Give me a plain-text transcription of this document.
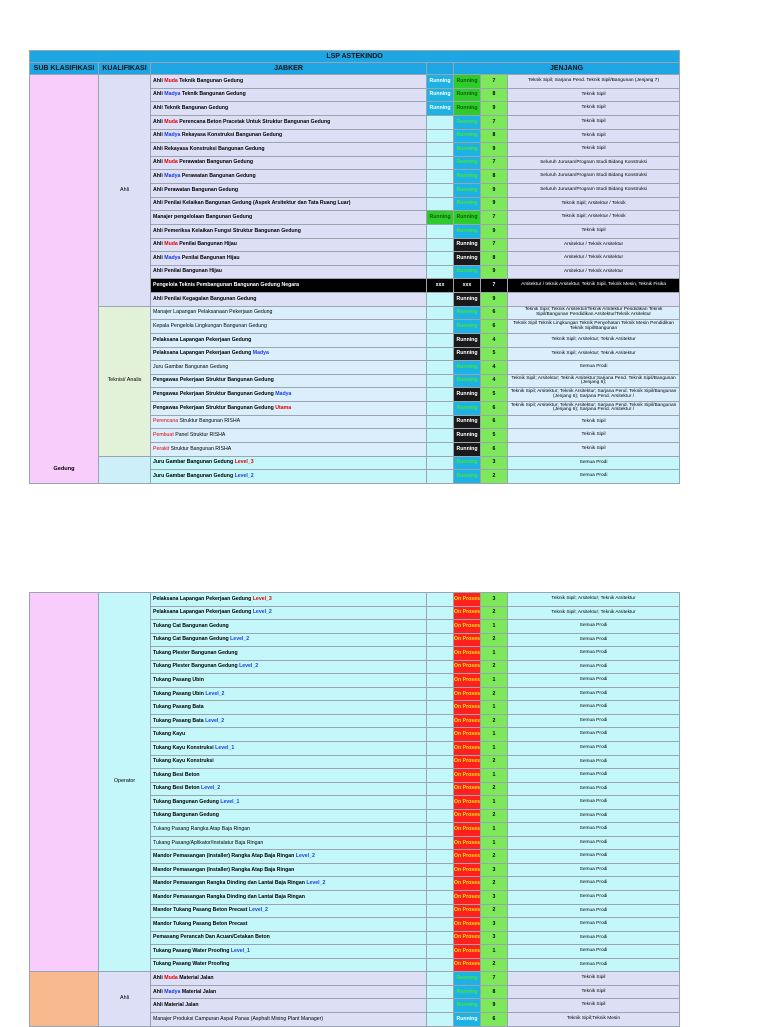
LSP ASTEKINDO						
SUB KLASIFIKASI	KUALIFIKASI	JABKER		JENJANG		

Gedung	Ahli	Ahli Muda Teknik Bangunan Gedung	Running	Running	7	Teknik Sipil; Sarjana Pend. Teknik Sipil/Bangunan (Jenjang 7)
		Ahli Madya Teknik Bangunan Gedung	Running	Running	8	Teknik Sipil
		Ahli Teknik Bangunan Gedung	Running	Running	9	Teknik Sipil
		Ahli Muda Perencana Beton Pracetak Untuk Struktur Bangunan Gedung		Running	7	Teknik Sipil
		Ahli Madya Rekayasa Konstruksi Bangunan Gedung		Running	8	Teknik Sipil
		Ahli Rekayasa Konstruksi Bangunan Gedung		Running	9	Teknik Sipil
		Ahli Muda Perawatan Bangunan Gedung		Running	7	Seluruh Jurusan/Program Studi Bidang Konstruksi
		Ahli Madya Perawatan Bangunan Gedung		Running	8	Seluruh Jurusan/Program Studi Bidang Konstruksi
		Ahli Perawatan Bangunan Gedung		Running	9	Seluruh Jurusan/Program Studi Bidang Konstruksi
		Ahli Penilai Kelaikan Bangunan Gedung (Aspek Arsitektur dan Tata Ruang Luar)		Running	9	Teknik Sipil; Arsitektur / Teknik
		Manajer pengelolaan Bangunan Gedung	Running	Running	7	Teknik Sipil; Arsitektur / Teknik
		Ahli Pemeriksa Kelaikan Fungsi Struktur Bangunan Gedung		Running	9	Teknik Sipil
		Ahli Muda Penilai Bangunan Hijau		Running	7	Arsitektur / Teknik Arsitektur
		Ahli Madya Penilai Bangunan Hijau		Running	8	Arsitektur / Teknik Arsitektur
		Ahli Penilai Bangunan Hijau		Running	9	Arsitektur / Teknik Arsitektur
		Pengelola Teknis Pembangunan Bangunan Gedung Negara	xxx	xxx	7	Arsitektur / teknik Arsitektur, Teknik Sipil, Teknik Mesin, Teknik Fisika
		Ahli Penilai Kegagalan Bangunan Gedung		Running	9	
	Teknisi/ Analis	Manajer Lapangan Pelaksanaan Pekerjaan Gedung		Running	6	Teknik Sipil; Teknik Arsitektur/Teknik Arsitektur Pendidikan Teknik Sipil/Bangunan Pendidikan Arsitektur/Teknik Arsitektur
		Kepala Pengelola Lingkungan Bangunan Gedung		Running	6	Teknik Sipil Teknik Lingkungan Teknik Penyehatan Teknik Mesin Pendidikan Teknik Sipil/Bangunan
		Pelaksana Lapangan Pekerjaan Gedung		Running	4	Teknik Sipil; Arsitektur; Teknik Arsitektur
		Pelaksana Lapangan Pekerjaan Gedung Madya		Running	5	Teknik Sipil; Arsitektur; Teknik Arsitektur
		Juru Gambar Bangunan Gedung		Running	4	Semua Prodi
		Pengawas Pekerjaan Struktur Bangunan Gedung		Running	4	Teknik Sipil; Arsitektur; Teknik Arsitektur;Sarjana Pend. Teknik Sipil/Bangunan (Jenjang 6);
		Pengawas Pekerjaan Struktur Bangunan Gedung Madya		Running	5	Teknik Sipil; Arsitektur; Teknik Arsitektur; Sarjana Pend. Teknik Sipil/Bangunan (Jenjang 6); Sarjana Pend. Arsitektur /
		Pengawas Pekerjaan Struktur Bangunan Gedung Utama		Running	6	Teknik Sipil; Arsitektur; Teknik Arsitektur; Sarjana Pend. Teknik Sipil/Bangunan (Jenjang 6); Sarjana Pend. Arsitektur /
		Perencana Struktur Bangunan RISHA		Running	6	Teknik Sipil
		Pembuat Panel Struktur RISHA		Running	5	Teknik Sipil
		Perakit Struktur Bangunan RISHA		Running	6	Teknik Sipil
		Juru Gambar Bangunan Gedung Level_3		Running	3	Semua Prodi
		Juru Gambar Bangunan Gedung Level_2		Running	2	Semua Prodi
	Operator	Pelaksana Lapangan Pekerjaan Gedung Level_3		On Proses	3	Teknik Sipil; Arsitektur; Teknik Arsitektur
		Pelaksana Lapangan Pekerjaan Gedung Level_2		On Proses	2	Teknik Sipil; Arsitektur; Teknik Arsitektur
		Tukang Cat Bangunan Gedung		On Proses	1	Semua Prodi
		Tukang Cat Bangunan Gedung Level_2		On Proses	2	Semua Prodi
		Tukang Plester Bangunan Gedung		On Proses	1	Semua Prodi
		Tukang Plester Bangunan Gedung Level_2		On Proses	2	Semua Prodi
		Tukang Pasang Ubin		On Proses	1	Semua Prodi
		Tukang Pasang Ubin Level_2		On Proses	2	Semua Prodi
		Tukang Pasang Bata		On Proses	1	Semua Prodi
		Tukang Pasang Bata Level_2		On Proses	2	Semua Prodi
		Tukang Kayu		On Proses	1	Semua Prodi
		Tukang Kayu Konstruksi Level_1		On Proses	1	Semua Prodi
		Tukang Kayu Konstruksi		On Proses	2	Semua Prodi
		Tukang Besi Beton		On Proses	1	Semua Prodi
		Tukang Besi Beton Level_2		On Proses	2	Semua Prodi
		Tukang Bangunan Gedung Level_1		On Proses	1	Semua Prodi
		Tukang Bangunan Gedung		On Proses	2	Semua Prodi
		Tukang Pasang Rangka Atap Baja Ringan		On Proses	1	Semua Prodi
		Tukang Pasang/Aplikator/Instalatur Baja Ringan		On Proses	1	Semua Prodi
		Mandor Pemasangan (Installer) Rangka Atap Baja Ringan Level_2		On Proses	2	Semua Prodi
		Mandor Pemasangan (Installer) Rangka Atap Baja Ringan		On Proses	3	Semua Prodi
		Mandor Pemasangan Rangka Dinding dan Lantai Baja Ringan Level_2		On Proses	2	Semua Prodi
		Mandor Pemasangan Rangka Dinding dan Lantai Baja Ringan		On Proses	3	Semua Prodi
		Mandor Tukang Pasang Beton Precast Level_2		On Proses	2	Semua Prodi
		Mandor Tukang Pasang Beton Precast		On Proses	3	Semua Prodi
		Pemasang Perancah Dan Acuan/Cetakan Beton		On Proses	3	Semua Prodi
		Tukang Pasang Water Proofing Level_1		On Proses	1	Semua Prodi
		Tukang Pasang Water Proofing		On Proses	2	Semua Prodi
	Ahli	Ahli Muda Material Jalan		Running	7	Teknik Sipil
		Ahli Madya Material Jalan		Running	8	Teknik Sipil
		Ahli Material Jalan		Running	9	Teknik Sipil
		Manajer Produksi Campuran Aspal Panas (Asphalt Mixing Plant Manager)		Running	6	Teknik Sipil;Teknik Mesin
